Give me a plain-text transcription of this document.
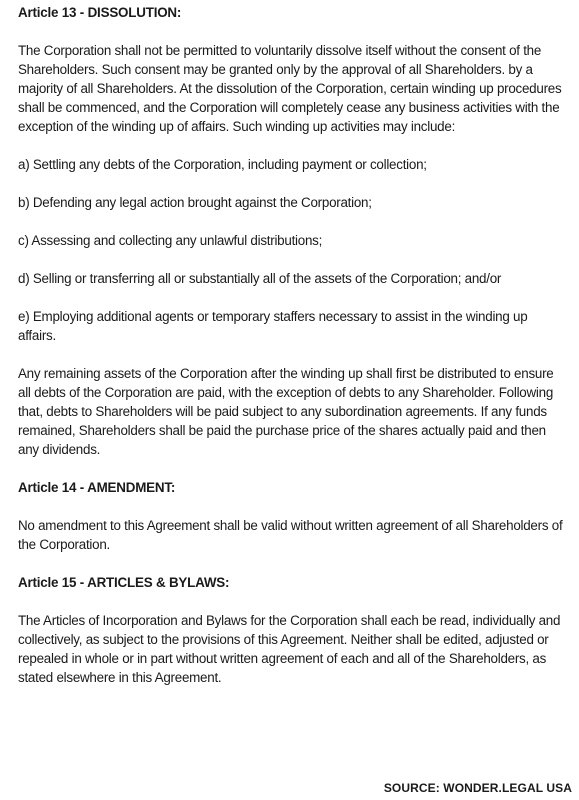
Article 13 - DISSOLUTION:

The Corporation shall not be permitted to voluntarily dissolve itself without the consent of the Shareholders. Such consent may be granted only by the approval of all Shareholders. by a majority of all Shareholders. At the dissolution of the Corporation, certain winding up procedures shall be commenced, and the Corporation will completely cease any business activities with the exception of the winding up of affairs. Such winding up activities may include:

a) Settling any debts of the Corporation, including payment or collection;

b) Defending any legal action brought against the Corporation;

c) Assessing and collecting any unlawful distributions;

d) Selling or transferring all or substantially all of the assets of the Corporation; and/or

e) Employing additional agents or temporary staffers necessary to assist in the winding up affairs.

Any remaining assets of the Corporation after the winding up shall first be distributed to ensure all debts of the Corporation are paid, with the exception of debts to any Shareholder. Following that, debts to Shareholders will be paid subject to any subordination agreements. If any funds remained, Shareholders shall be paid the purchase price of the shares actually paid and then any dividends.

Article 14 - AMENDMENT:

No amendment to this Agreement shall be valid without written agreement of all Shareholders of the Corporation.

Article 15 - ARTICLES & BYLAWS:

The Articles of Incorporation and Bylaws for the Corporation shall each be read, individually and collectively, as subject to the provisions of this Agreement. Neither shall be edited, adjusted or repealed in whole or in part without written agreement of each and all of the Shareholders, as stated elsewhere in this Agreement.

SOURCE: WONDER.LEGAL USA
